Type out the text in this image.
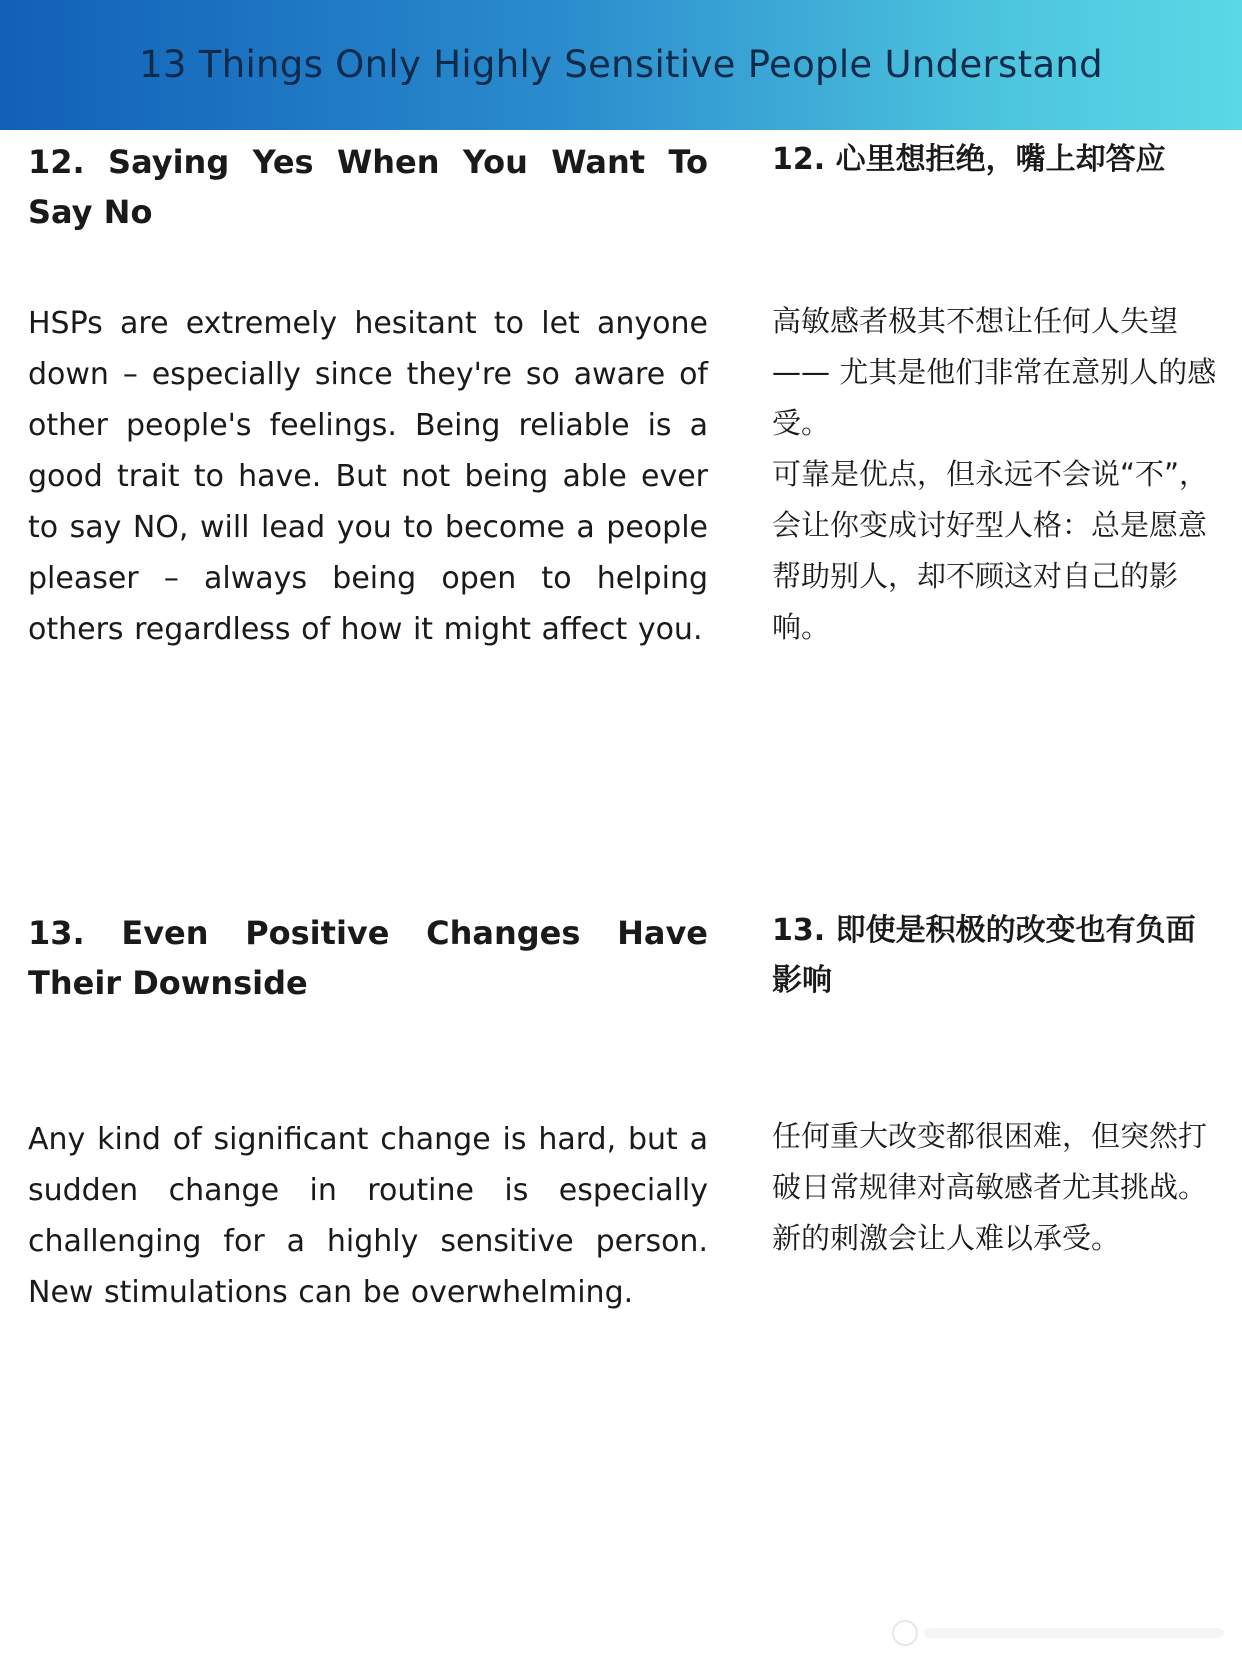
13 Things Only Highly Sensitive People Understand
12. Saying Yes When You Want To Say No
12. 心里想拒绝，嘴上却答应

HSPs are extremely hesitant to let anyone down – especially since they're so aware of other people's feelings. Being reliable is a good trait to have. But not being able ever to say NO, will lead you to become a people pleaser – always being open to helping others regardless of how it might affect you.

高敏感者极其不想让任何人失望—— 尤其是他们非常在意别人的感受。

可靠是优点，但永远不会说“不”，会让你变成讨好型人格：总是愿意帮助别人，却不顾这对自己的影响。

13. Even Positive Changes Have Their Downside
13. 即使是积极的改变也有负面影响

Any kind of significant change is hard, but a sudden change in routine is especially challenging for a highly sensitive person. New stimulations can be overwhelming.

任何重大改变都很困难，但突然打破日常规律对高敏感者尤其挑战。新的刺激会让人难以承受。
